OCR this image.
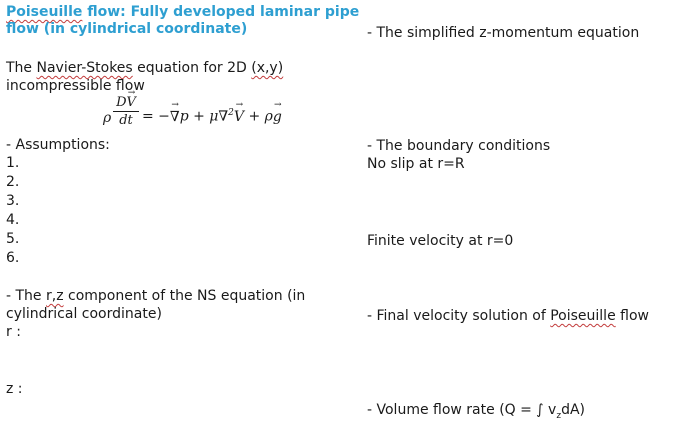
Poiseuille flow: Fully developed laminar pipe
flow (in cylindrical coordinate)
The Navier-Stokes equation for 2D (x,y)
incompressible flow
ρ
DV →
dt = −∇ →p + μ∇$^2$V → + ρg →
- Assumptions:
1.
2.
3.
4.
5.
6.
- The r,z component of the NS equation (in
cylindrical coordinate)
r :
z :
- The simplified z-momentum equation
- The boundary conditions
No slip at r=R
Finite velocity at r=0
- Final velocity solution of Poiseuille flow
- Volume flow rate (Q = ∫ $v_zdA$)
